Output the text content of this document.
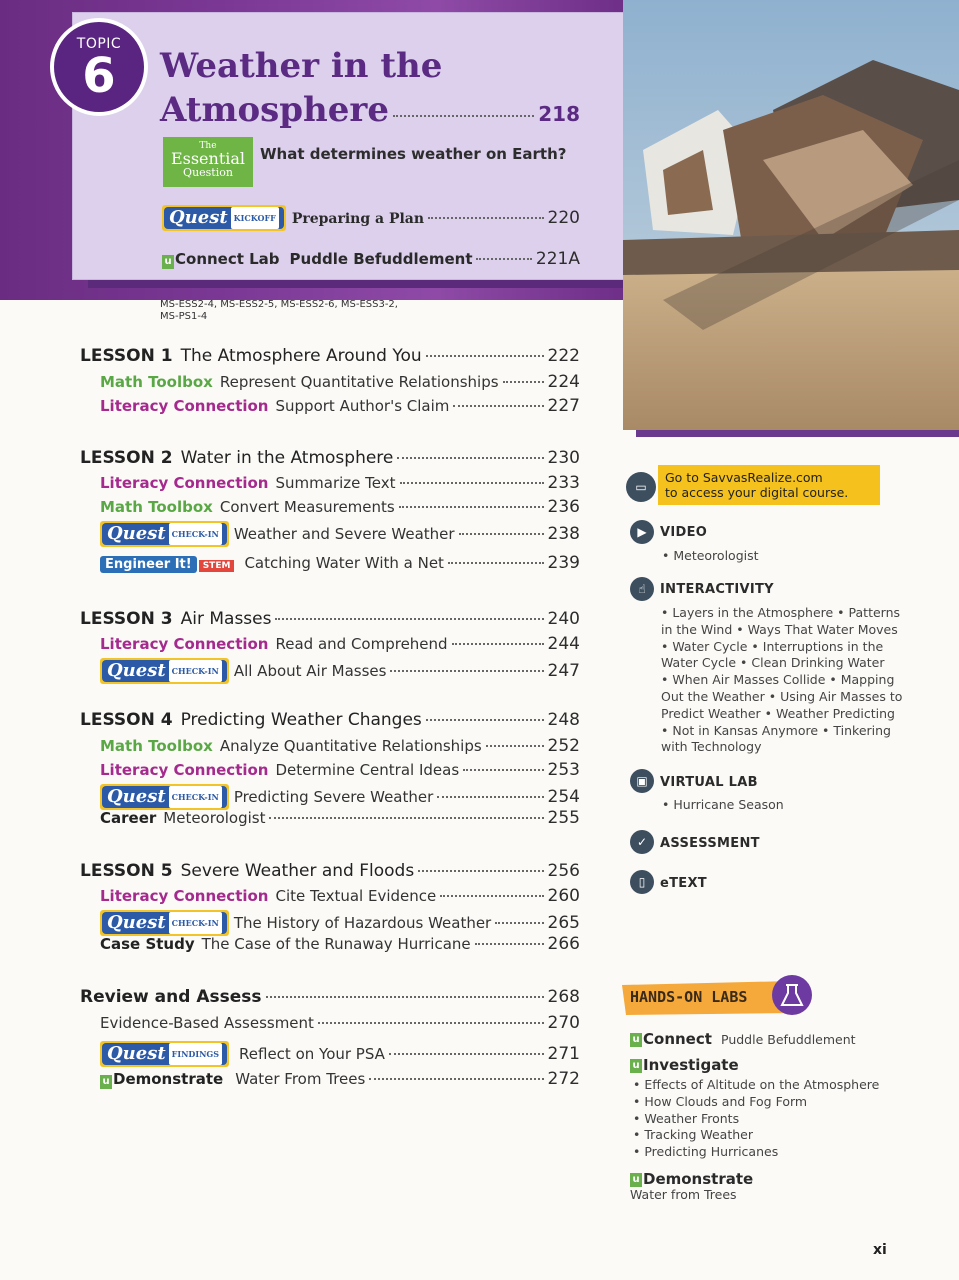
TOPIC
6	Weather in the
Atmosphere	218
The
Essential
Question
What determines weather on Earth?
Quest KICKOFF	Preparing a Plan	220
u Connect Lab Puddle Befuddlement	221A
MS-ESS2-4, MS-ESS2-5, MS-ESS2-6, MS-ESS3-2,
MS-PS1-4
LESSON 1 The Atmosphere Around You	222
Math Toolbox Represent Quantitative Relationships	224
Literacy Connection Support Author's Claim	227
LESSON 2 Water in the Atmosphere	230
Literacy Connection Summarize Text	233
Math Toolbox Convert Measurements	236
Quest CHECK-IN	Weather and Severe Weather	238
Engineer It!	STEM Catching Water With a Net	239
LESSON 3 Air Masses	240
Literacy Connection Read and Comprehend	244
Quest CHECK-IN	All About Air Masses	247
LESSON 4 Predicting Weather Changes	248
Math Toolbox Analyze Quantitative Relationships	252
Literacy Connection Determine Central Ideas	253
Quest CHECK-IN	Predicting Severe Weather	254
Career Meteorologist	255
LESSON 5 Severe Weather and Floods	256
Literacy Connection Cite Textual Evidence	260
Quest CHECK-IN	The History of Hazardous Weather	265
Case Study The Case of the Runaway Hurricane	266
Review and Assess	268
Evidence-Based Assessment	270
Quest FINDINGS	Reflect on Your PSA	271
u Demonstrate Water From Trees	272
▭
Go to SavvasRealize.com
to access your digital course.
▶	VIDEO
• Meteorologist
☝	INTERACTIVITY
• Layers in the Atmosphere • Patterns
in the Wind • Ways That Water Moves
• Water Cycle • Interruptions in the
Water Cycle • Clean Drinking Water
• When Air Masses Collide • Mapping
Out the Weather • Using Air Masses to
Predict Weather • Weather Predicting
• Not in Kansas Anymore • Tinkering
with Technology
▣ VIRTUAL LAB
• Hurricane Season
✓ ASSESSMENT
▯	eTEXT
HANDS-ON LABS
u Connect Puddle Befuddlement
u Investigate
• Effects of Altitude on the Atmosphere
• How Clouds and Fog Form
• Weather Fronts
• Tracking Weather
• Predicting Hurricanes
u Demonstrate
Water from Trees
xi
